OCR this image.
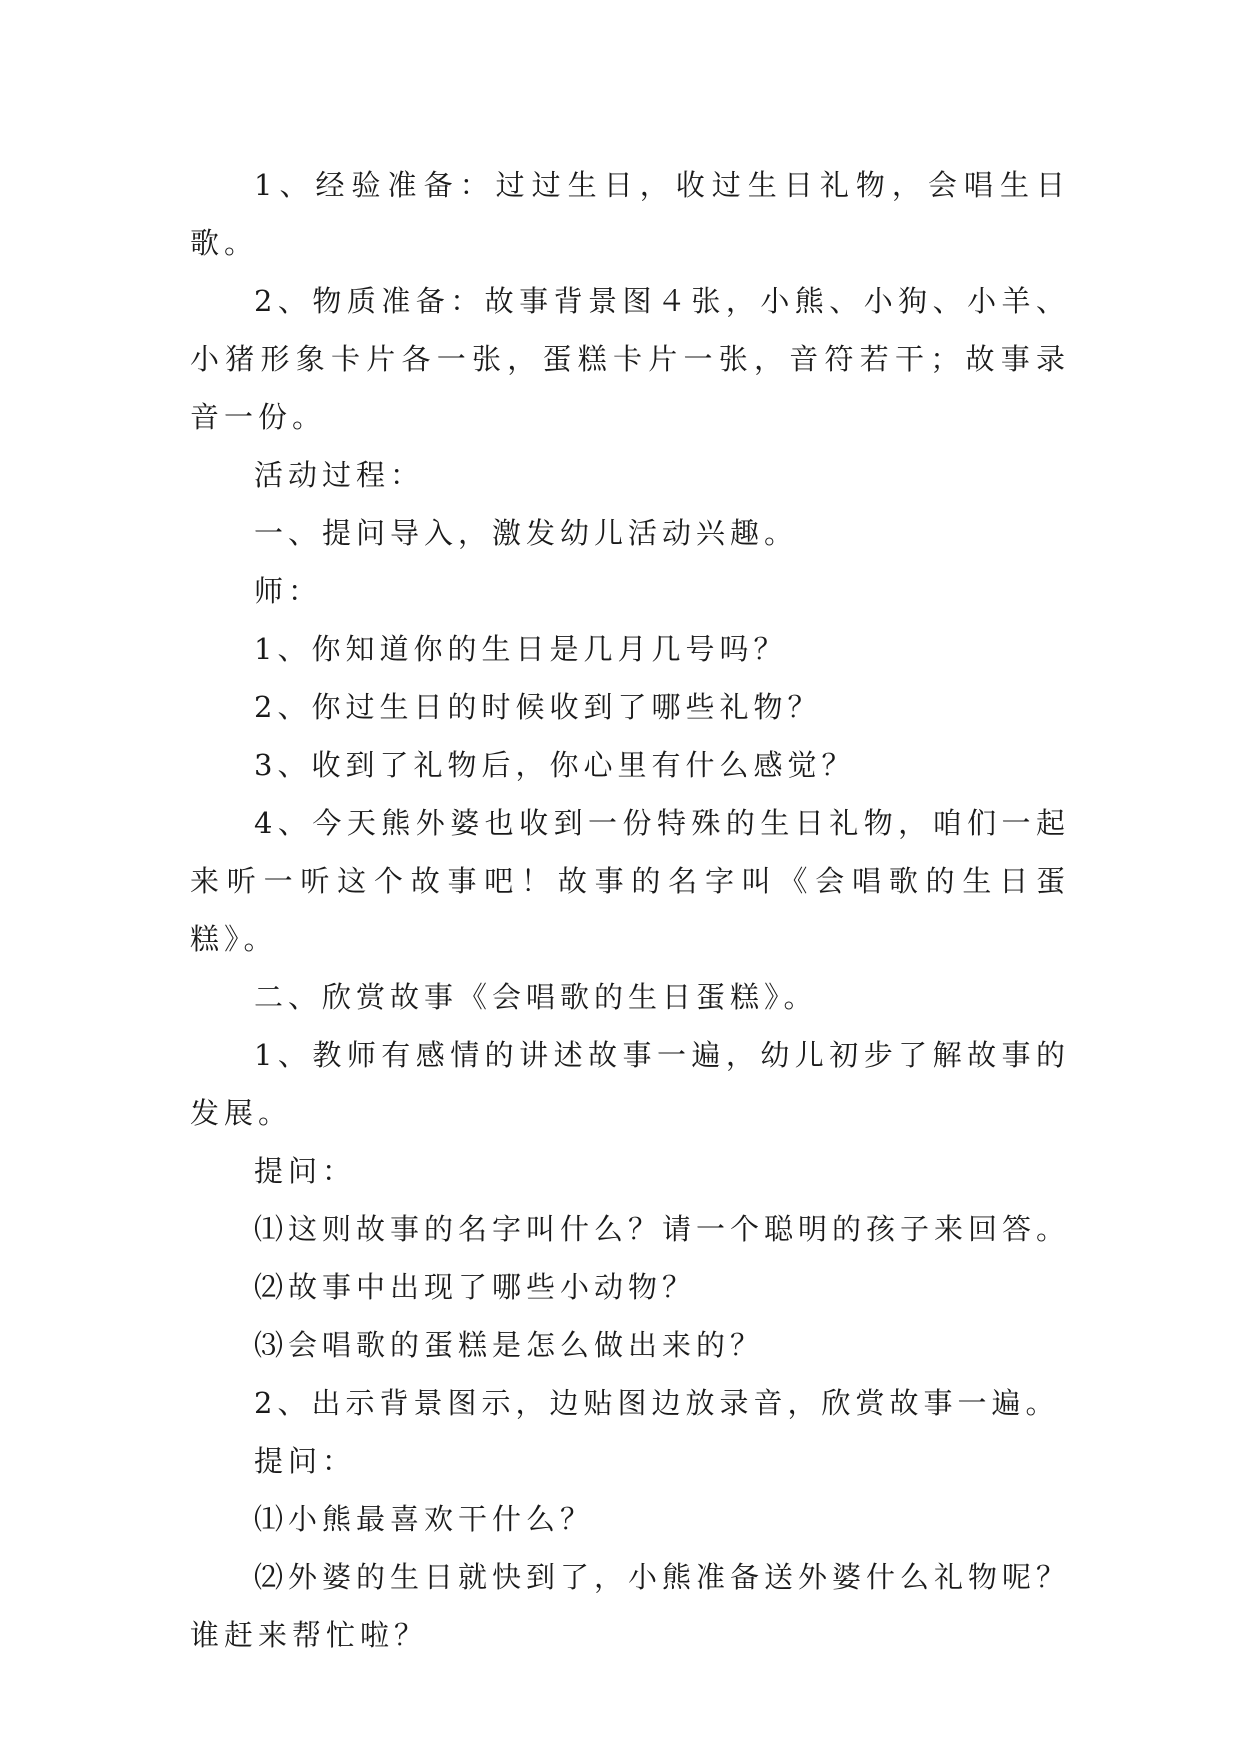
1、经验准备：过过生日，收过生日礼物，会唱生日歌。

2、物质准备：故事背景图４张，小熊、小狗、小羊、小猪形象卡片各一张，蛋糕卡片一张，音符若干；故事录音一份。

活动过程：

一、提问导入，激发幼儿活动兴趣。

师：

1、你知道你的生日是几月几号吗？

2、你过生日的时候收到了哪些礼物？

3、收到了礼物后，你心里有什么感觉？

4、今天熊外婆也收到一份特殊的生日礼物，咱们一起来听一听这个故事吧！故事的名字叫《会唱歌的生日蛋糕》。

二、欣赏故事《会唱歌的生日蛋糕》。

1、教师有感情的讲述故事一遍，幼儿初步了解故事的发展。

提问：

⑴这则故事的名字叫什么？请一个聪明的孩子来回答。

⑵故事中出现了哪些小动物？

⑶会唱歌的蛋糕是怎么做出来的？

2、出示背景图示，边贴图边放录音，欣赏故事一遍。

提问：

⑴小熊最喜欢干什么？

⑵外婆的生日就快到了，小熊准备送外婆什么礼物呢？谁赶来帮忙啦？
